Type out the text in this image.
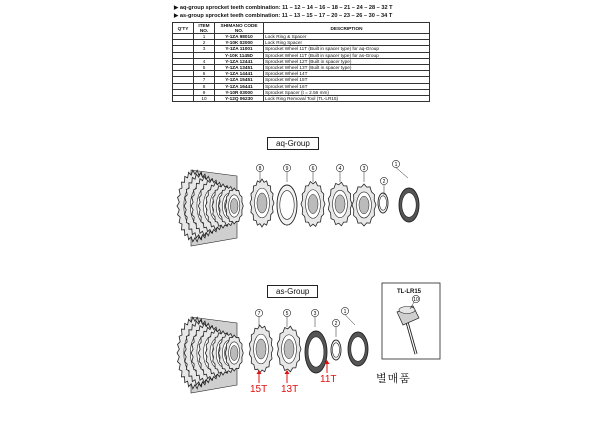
▶ aq-group sprocket teeth combination: 11 – 12 – 14 – 16 – 18 – 21 – 24 – 28 – 32 T
▶ as-group sprocket teeth combination: 11 – 13 – 15 – 17 – 20 – 23 – 26 – 30 – 34 T
Q'TY	ITEM NO.	SHIMANO CODE NO.	DESCRIPTION
	1	Y-1ZA 98010	Lock Ring & Spacer
	2	Y-10K 02000	Lock Ring Spacer
	3	Y-1ZA 11001	Sprocket Wheel 11T (Built in spacer type) for aq-Group
		Y-10K 1145D	Sprocket Wheel 11T (Built in spacer type) for as-Group
	4	Y-1ZA 12441	Sprocket Wheel 12T (Built in spacer type)
	5	Y-1ZA 13451	Sprocket Wheel 13T (Built in spacer type)
	6	Y-1ZA 14441	Sprocket Wheel 14T
	7	Y-1ZA 15451	Sprocket Wheel 15T
	8	Y-1ZA 16441	Sprocket Wheel 16T
	9	Y-10R 03000	Sprocket Spacer (t = 2.56 mm)
	10	Y-12Q 06230	Lock Ring Removal Tool (TL-LR15)
aq-Group
as-Group
8	9	6	4	3
2
1
7	5	3
2
1
10
TL-LR15
별매품
15T 13T
11T
